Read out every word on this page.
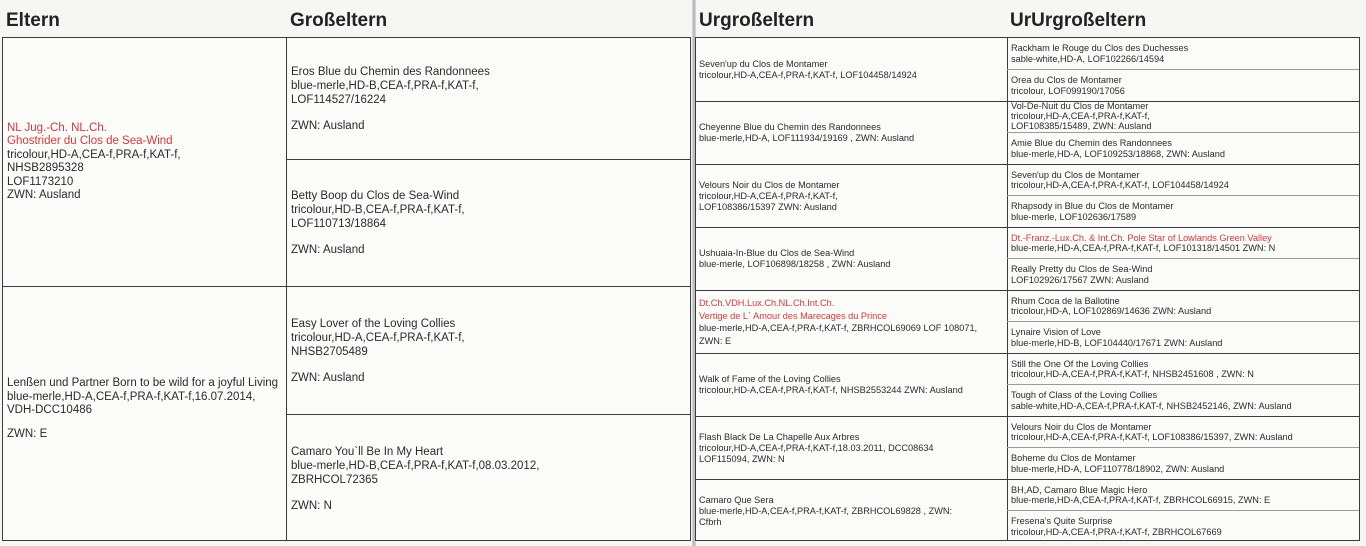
Eltern	Großeltern
NL Jug.-Ch. NL.Ch.
Ghostrider du Clos de Sea-Wind
tricolour,HD-A,CEA-f,PRA-f,KAT-f,
NHSB2895328
LOF1173210
ZWN: Ausland
Lenßen und Partner Born to be wild for a joyful Living
blue-merle,HD-A,CEA-f,PRA-f,KAT-f,16.07.2014,
VDH-DCC10486
ZWN: E
Eros Blue du Chemin des Randonnees
blue-merle,HD-B,CEA-f,PRA-f,KAT-f,
LOF114527/16224
ZWN: Ausland
Betty Boop du Clos de Sea-Wind
tricolour,HD-B,CEA-f,PRA-f,KAT-f,
LOF110713/18864
ZWN: Ausland
Easy Lover of the Loving Collies
tricolour,HD-A,CEA-f,PRA-f,KAT-f,
NHSB2705489
ZWN: Ausland
Camaro You`ll Be In My Heart
blue-merle,HD-B,CEA-f,PRA-f,KAT-f,08.03.2012,
ZBRHCOL72365
ZWN: N
Urgroßeltern	UrUrgroßeltern
Seven'up du Clos de Montamer
tricolour,HD-A,CEA-f,PRA-f,KAT-f, LOF104458/14924
Cheyenne Blue du Chemin des Randonnees
blue-merle,HD-A, LOF111934/19169 , ZWN: Ausland
Velours Noir du Clos de Montamer
tricolour,HD-A,CEA-f,PRA-f,KAT-f,
LOF108386/15397 ZWN: Ausland
Ushuaia-In-Blue du Clos de Sea-Wind
blue-merle, LOF106898/18258 , ZWN: Ausland
Dt.Ch.VDH.Lux.Ch.NL.Ch.Int.Ch.
Vertige de L` Amour des Marecages du Prince
blue-merle,HD-A,CEA-f,PRA-f,KAT-f, ZBRHCOL69069 LOF 108071,
ZWN: E
Walk of Fame of the Loving Collies
tricolour,HD-A,CEA-f,PRA-f,KAT-f, NHSB2553244 ZWN: Ausland
Flash Black De La Chapelle Aux Arbres
tricolour,HD-A,CEA-f,PRA-f,KAT-f,18.03.2011, DCC08634
LOF115094, ZWN: N
Camaro Que Sera
blue-merle,HD-A,CEA-f,PRA-f,KAT-f, ZBRHCOL69828 , ZWN:
Cfbrh
Rackham le Rouge du Clos des Duchesses
sable-white,HD-A, LOF102266/14594
Orea du Clos de Montamer
tricolour, LOF099190/17056
Vol-De-Nuit du Clos de Montamer
tricolour,HD-A,CEA-f,PRA-f,KAT-f,
LOF108385/15489, ZWN: Ausland
Amie Blue du Chemin des Randonnees
blue-merle,HD-A, LOF109253/18868, ZWN: Ausland
Seven'up du Clos de Montamer
tricolour,HD-A,CEA-f,PRA-f,KAT-f, LOF104458/14924
Rhapsody in Blue du Clos de Montamer
blue-merle, LOF102636/17589
Dt.-Franz.-Lux.Ch. & Int.Ch. Pole Star of Lowlands Green Valley
blue-merle,HD-A,CEA-f,PRA-f,KAT-f, LOF101318/14501 ZWN: N
Really Pretty du Clos de Sea-Wind
LOF102926/17567 ZWN: Ausland
Rhum Coca de la Ballotine
tricolour,HD-A, LOF102869/14636 ZWN: Ausland
Lynaire Vision of Love
blue-merle,HD-B, LOF104440/17671 ZWN: Ausland
Still the One Of the Loving Collies
tricolour,HD-A,CEA-f,PRA-f,KAT-f, NHSB2451608 , ZWN: N
Tough of Class of the Loving Collies
sable-white,HD-A,CEA-f,PRA-f,KAT-f, NHSB2452146, ZWN: Ausland
Velours Noir du Clos de Montamer
tricolour,HD-A,CEA-f,PRA-f,KAT-f, LOF108386/15397, ZWN: Ausland
Boheme du Clos de Montamer
blue-merle,HD-A, LOF110778/18902, ZWN: Ausland
BH,AD, Camaro Blue Magic Hero
blue-merle,HD-A,CEA-f,PRA-f,KAT-f, ZBRHCOL66915, ZWN: E
Fresena's Quite Surprise
tricolour,HD-A,CEA-f,PRA-f,KAT-f, ZBRHCOL67669
